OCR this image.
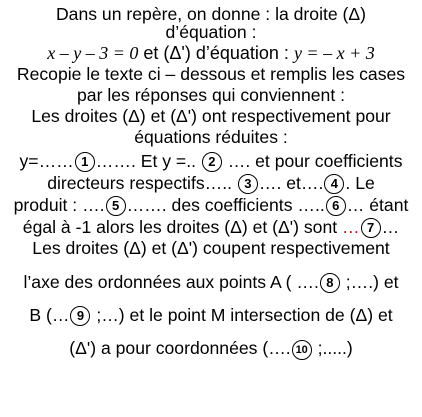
Dans un repère, on donne : la droite (Δ)
d’équation :
x – y – 3 = 0 et (Δ') d’équation : y = – x + 3
Recopie le texte ci – dessous et remplis les cases
par les réponses qui conviennent :
Les droites (Δ) et (Δ') ont respectivement pour
équations réduites :
y=…… 1 ……. Et y =.. 2 …. et pour coefficients
directeurs respectifs….. 3 …. et…. 4 . Le
produit : …. 5 ……. des coefficients ….. 6 … étant
égal à -1 alors les droites (Δ) et (Δ') sont … 7 …
Les droites (Δ) et (Δ') coupent respectivement
l’axe des ordonnées aux points A ( …. 8 ;….) et
B (… 9 ;…) et le point M intersection de (Δ) et
(Δ') a pour coordonnées (…. 10 ;.....)
